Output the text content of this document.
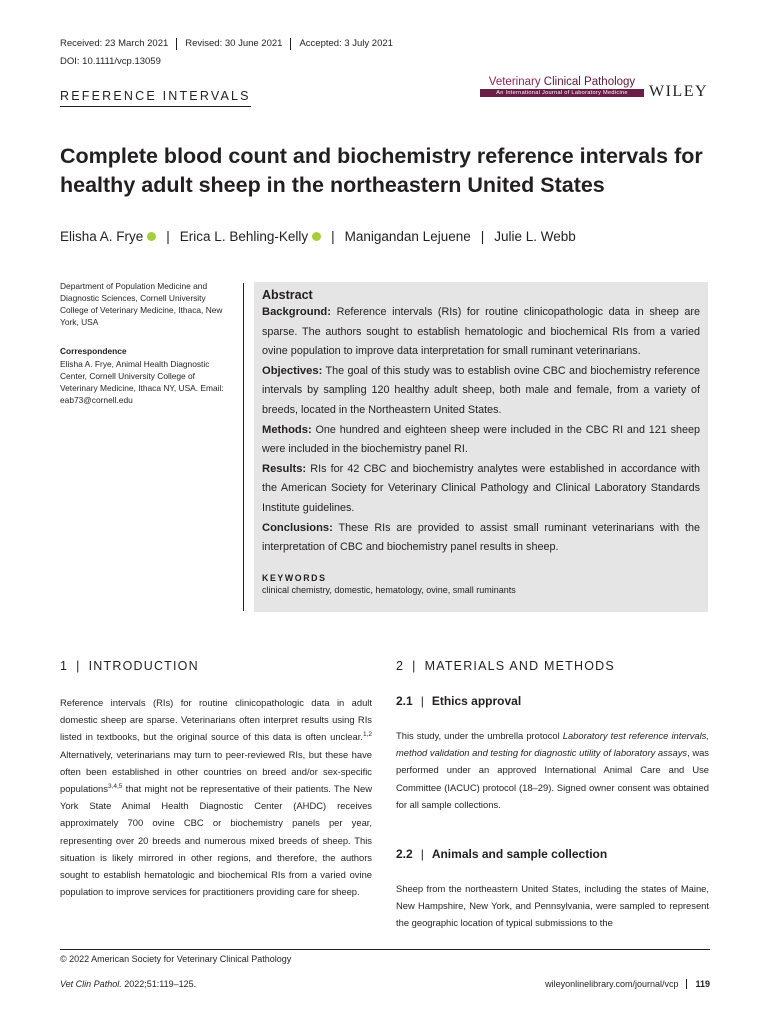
Received: 23 March 2021	Revised: 30 June 2021	Accepted: 3 July 2021
DOI: 10.1111/vcp.13059
REFERENCE INTERVALS
Veterinary Clinical Pathology
An International Journal of Laboratory Medicine	WILEY
Complete blood count and biochemistry reference intervals for healthy adult sheep in the northeastern United States
Elisha A. Frye | Erica L. Behling-Kelly | Manigandan Lejuene | Julie L. Webb
Department of Population Medicine and Diagnostic Sciences, Cornell University College of Veterinary Medicine, Ithaca, New York, USA
Correspondence
Elisha A. Frye, Animal Health Diagnostic Center, Cornell University College of Veterinary Medicine, Ithaca NY, USA. Email: eab73@cornell.edu
Abstract

Background: Reference intervals (RIs) for routine clinicopathologic data in sheep are sparse. The authors sought to establish hematologic and biochemical RIs from a varied ovine population to improve data interpretation for small ruminant veterinarians.

Objectives: The goal of this study was to establish ovine CBC and biochemistry reference intervals by sampling 120 healthy adult sheep, both male and female, from a variety of breeds, located in the Northeastern United States.

Methods: One hundred and eighteen sheep were included in the CBC RI and 121 sheep were included in the biochemistry panel RI.

Results: RIs for 42 CBC and biochemistry analytes were established in accordance with the American Society for Veterinary Clinical Pathology and Clinical Laboratory Standards Institute guidelines.

Conclusions: These RIs are provided to assist small ruminant veterinarians with the interpretation of CBC and biochemistry panel results in sheep.

KEYWORDS
clinical chemistry, domestic, hematology, ovine, small ruminants
1 | INTRODUCTION

Reference intervals (RIs) for routine clinicopathologic data in adult domestic sheep are sparse. Veterinarians often interpret results using RIs listed in textbooks, but the original source of this data is often unclear.$^{1,2}$ Alternatively, veterinarians may turn to peer-reviewed RIs, but these have often been established in other countries on breed and/or sex-specific populations$^{3,4,5}$ that might not be representative of their patients. The New York State Animal Health Diagnostic Center (AHDC) receives approximately 700 ovine CBC or biochemistry panels per year, representing over 20 breeds and numerous mixed breeds of sheep. This situation is likely mirrored in other regions, and therefore, the authors sought to establish hematologic and biochemical RIs from a varied ovine population to improve services for practitioners providing care for sheep.

2 | MATERIALS AND METHODS
2.1 | Ethics approval

This study, under the umbrella protocol Laboratory test reference intervals, method validation and testing for diagnostic utility of laboratory assays, was performed under an approved International Animal Care and Use Committee (IACUC) protocol (18–29). Signed owner consent was obtained for all sample collections.

2.2 | Animals and sample collection

Sheep from the northeastern United States, including the states of Maine, New Hampshire, New York, and Pennsylvania, were sampled to represent the geographic location of typical submissions to the

© 2022 American Society for Veterinary Clinical Pathology
Vet Clin Pathol. 2022;51:119–125.	wileyonlinelibrary.com/journal/vcp	119
